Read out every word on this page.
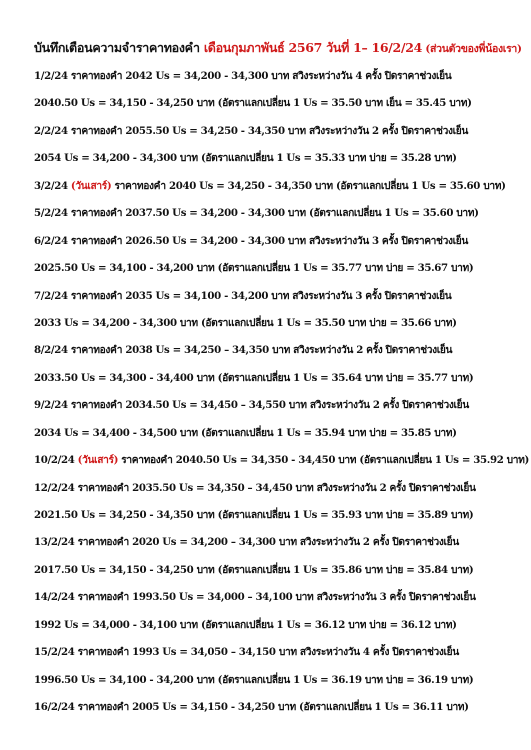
บันทึกเตือนความจำราคาทองคำ เดือนกุมภาพันธ์ 2567 วันที่ 1– 16/2/24 (ส่วนตัวของพี่น้องเรา)
1/2/24 ราคาทองคำ 2042 Us = 34,200 - 34,300 บาท สวิงระหว่างวัน 4 ครั้ง ปิดราคาช่วงเย็น
2040.50 Us = 34,150 - 34,250 บาท (อัตราแลกเปลี่ยน 1 Us = 35.50 บาท เย็น = 35.45 บาท)
2/2/24 ราคาทองคำ 2055.50 Us = 34,250 - 34,350 บาท สวิงระหว่างวัน 2 ครั้ง ปิดราคาช่วงเย็น
2054 Us = 34,200 - 34,300 บาท (อัตราแลกเปลี่ยน 1 Us = 35.33 บาท บ่าย = 35.28 บาท)
3/2/24 (วันเสาร์) ราคาทองคำ 2040 Us = 34,250 - 34,350 บาท (อัตราแลกเปลี่ยน 1 Us = 35.60 บาท)
5/2/24 ราคาทองคำ 2037.50 Us = 34,200 - 34,300 บาท (อัตราแลกเปลี่ยน 1 Us = 35.60 บาท)
6/2/24 ราคาทองคำ 2026.50 Us = 34,200 - 34,300 บาท สวิงระหว่างวัน 3 ครั้ง ปิดราคาช่วงเย็น
2025.50 Us = 34,100 - 34,200 บาท (อัตราแลกเปลี่ยน 1 Us = 35.77 บาท บ่าย = 35.67 บาท)
7/2/24 ราคาทองคำ 2035 Us = 34,100 - 34,200 บาท สวิงระหว่างวัน 3 ครั้ง ปิดราคาช่วงเย็น
2033 Us = 34,200 - 34,300 บาท (อัตราแลกเปลี่ยน 1 Us = 35.50 บาท บ่าย = 35.66 บาท)
8/2/24 ราคาทองคำ 2038 Us = 34,250 – 34,350 บาท สวิงระหว่างวัน 2 ครั้ง ปิดราคาช่วงเย็น
2033.50 Us = 34,300 - 34,400 บาท (อัตราแลกเปลี่ยน 1 Us = 35.64 บาท บ่าย = 35.77 บาท)
9/2/24 ราคาทองคำ 2034.50 Us = 34,450 – 34,550 บาท สวิงระหว่างวัน 2 ครั้ง ปิดราคาช่วงเย็น
2034 Us = 34,400 - 34,500 บาท (อัตราแลกเปลี่ยน 1 Us = 35.94 บาท บ่าย = 35.85 บาท)
10/2/24 (วันเสาร์) ราคาทองคำ 2040.50 Us = 34,350 - 34,450 บาท (อัตราแลกเปลี่ยน 1 Us = 35.92 บาท)
12/2/24 ราคาทองคำ 2035.50 Us = 34,350 – 34,450 บาท สวิงระหว่างวัน 2 ครั้ง ปิดราคาช่วงเย็น
2021.50 Us = 34,250 - 34,350 บาท (อัตราแลกเปลี่ยน 1 Us = 35.93 บาท บ่าย = 35.89 บาท)
13/2/24 ราคาทองคำ 2020 Us = 34,200 – 34,300 บาท สวิงระหว่างวัน 2 ครั้ง ปิดราคาช่วงเย็น
2017.50 Us = 34,150 - 34,250 บาท (อัตราแลกเปลี่ยน 1 Us = 35.86 บาท บ่าย = 35.84 บาท)
14/2/24 ราคาทองคำ 1993.50 Us = 34,000 – 34,100 บาท สวิงระหว่างวัน 3 ครั้ง ปิดราคาช่วงเย็น
1992 Us = 34,000 - 34,100 บาท (อัตราแลกเปลี่ยน 1 Us = 36.12 บาท บ่าย = 36.12 บาท)
15/2/24 ราคาทองคำ 1993 Us = 34,050 – 34,150 บาท สวิงระหว่างวัน 4 ครั้ง ปิดราคาช่วงเย็น
1996.50 Us = 34,100 - 34,200 บาท (อัตราแลกเปลี่ยน 1 Us = 36.19 บาท บ่าย = 36.19 บาท)
16/2/24 ราคาทองคำ 2005 Us = 34,150 - 34,250 บาท (อัตราแลกเปลี่ยน 1 Us = 36.11 บาท)
